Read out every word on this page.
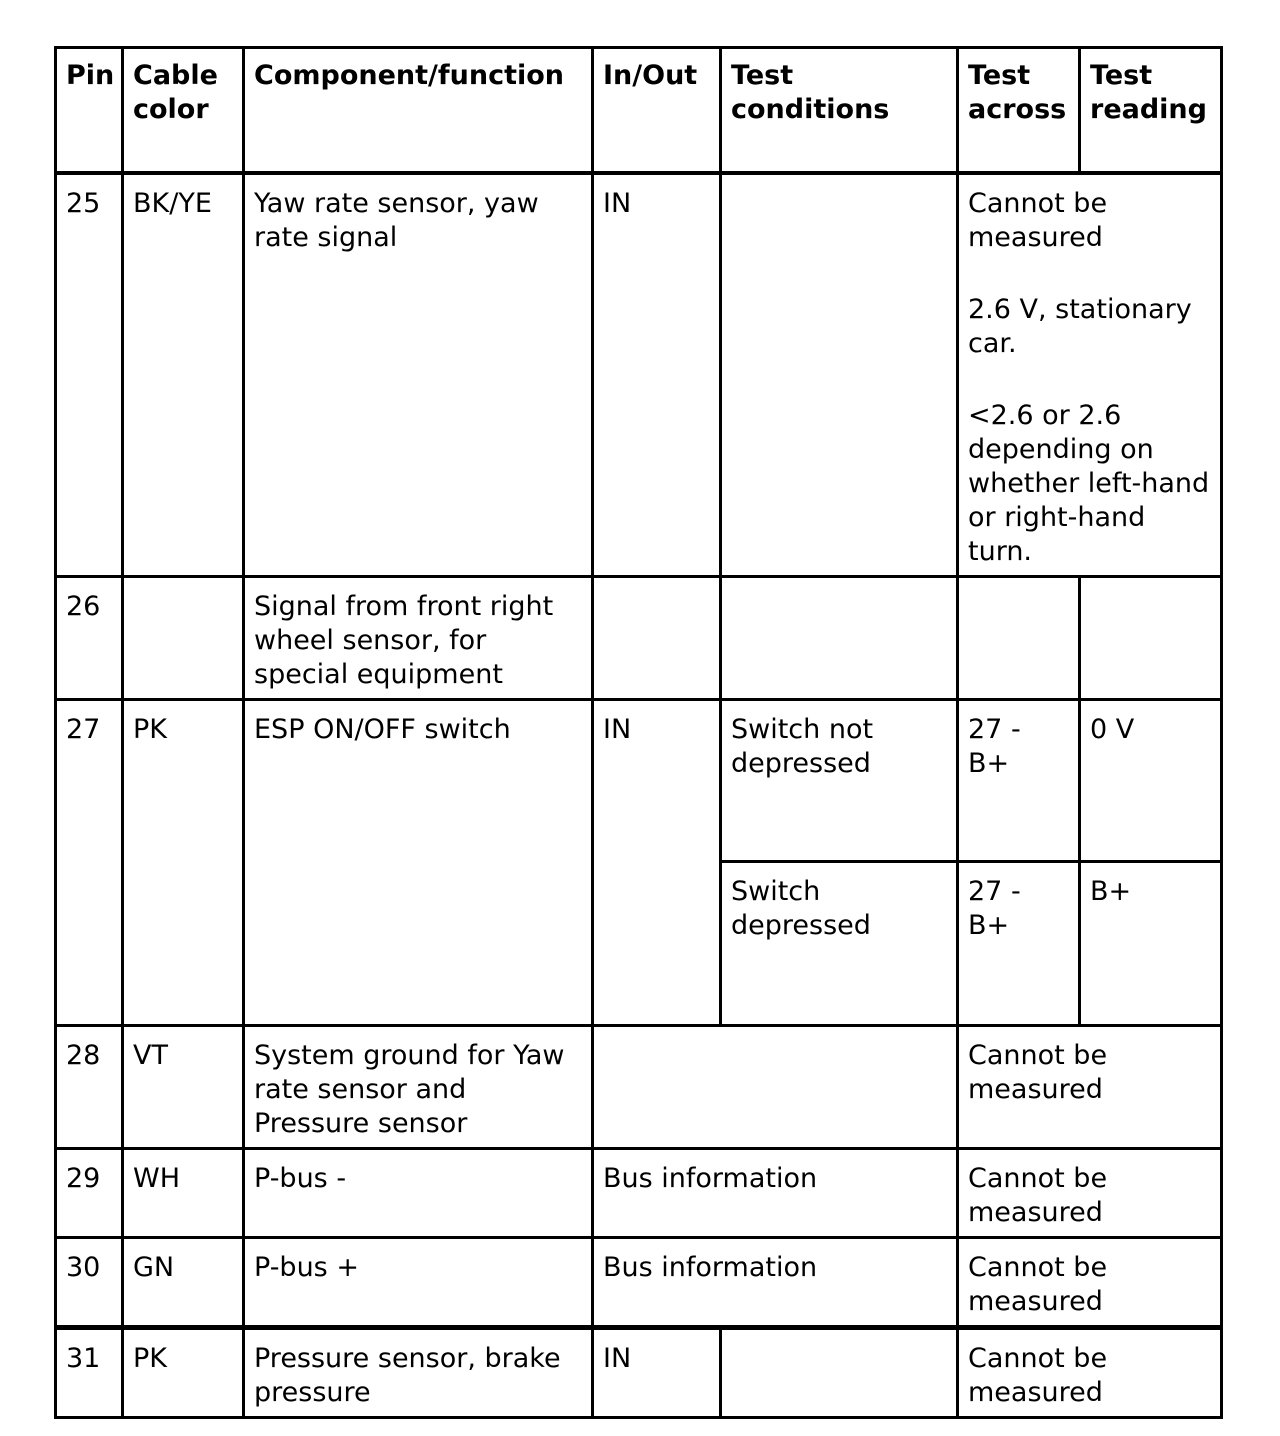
Pin	Cable color	Component/function	In/Out	Test conditions	Test across	Test reading
25	BK/YE	Yaw rate sensor, yaw rate signal	IN		Cannot be measured

2.6 V, stationary car.

<2.6 or 2.6 depending on whether left-hand or right-hand turn.	

26		Signal from front right wheel sensor, for special equipment				
27	PK	ESP ON/OFF switch	IN	Switch not depressed	27 - B+	0 V
				Switch depressed	27 - B+	B+
28	VT	System ground for Yaw rate sensor and Pressure sensor			Cannot be measured	
29	WH	P-bus -	Bus information		Cannot be measured	
30	GN	P-bus +	Bus information		Cannot be measured	
31	PK	Pressure sensor, brake pressure	IN		Cannot be measured	
